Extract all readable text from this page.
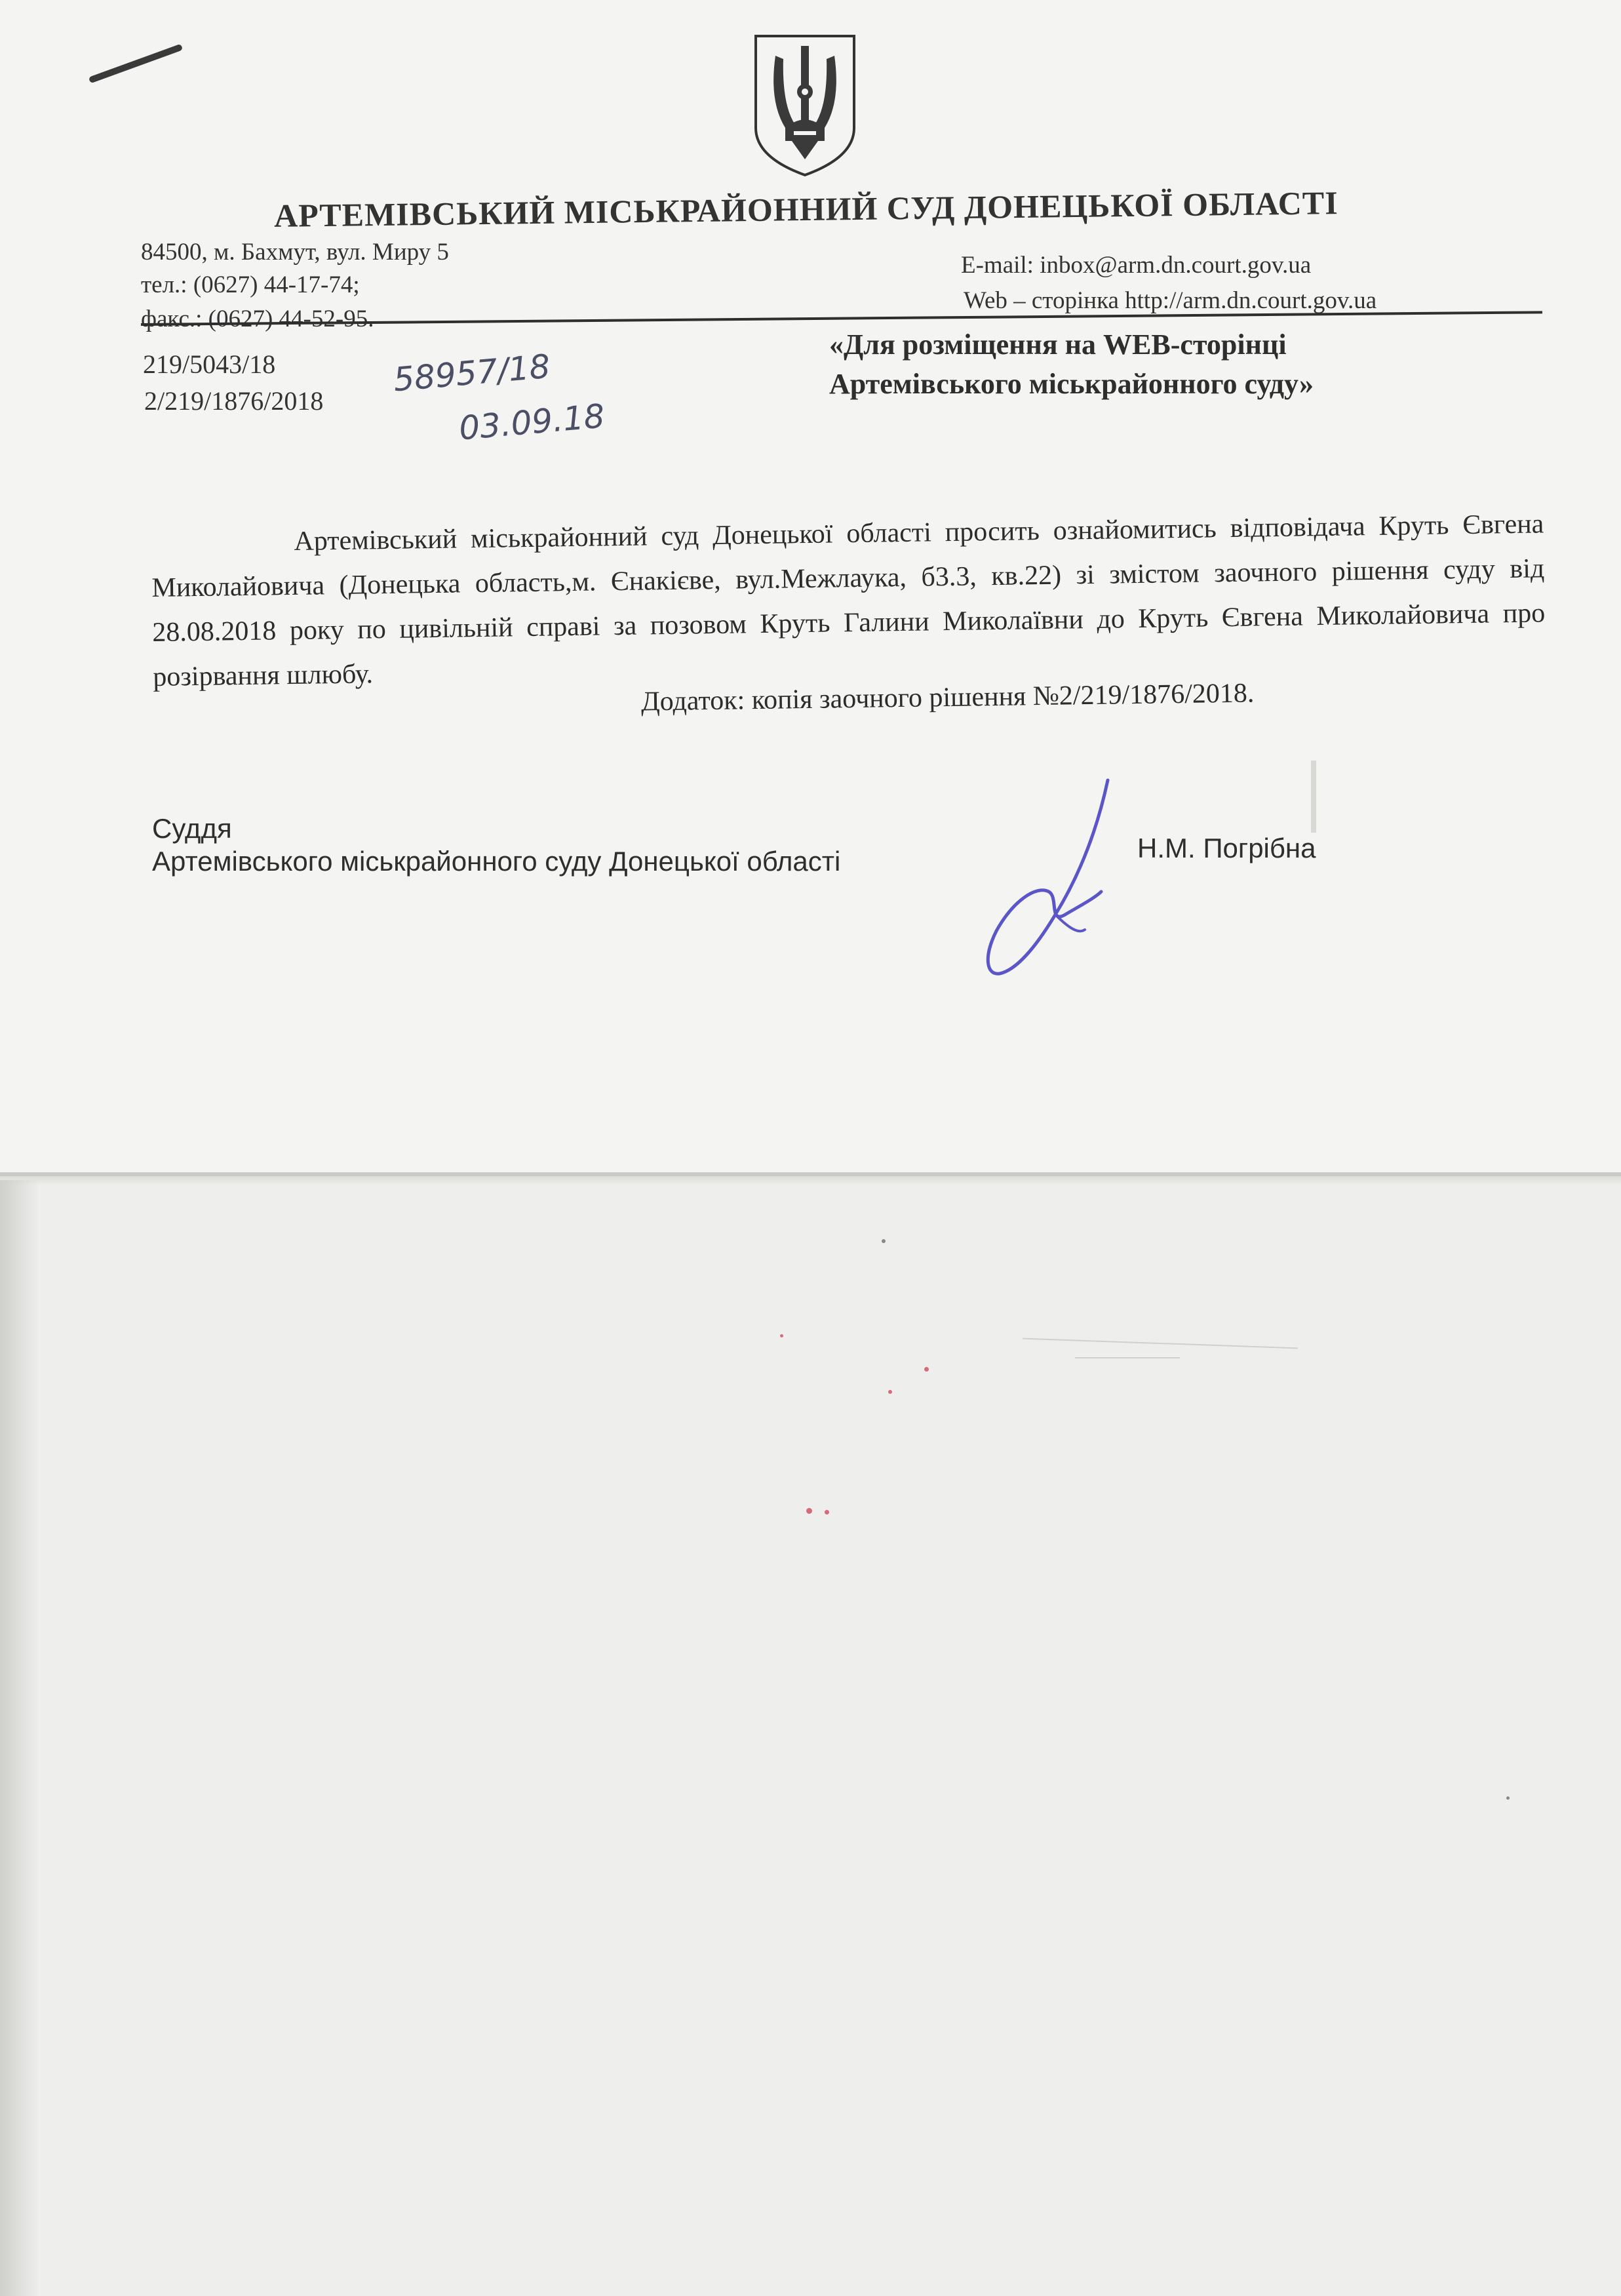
АРТЕМІВСЬКИЙ МІСЬКРАЙОННИЙ СУД ДОНЕЦЬКОЇ ОБЛАСТІ
84500, м. Бахмут, вул. Миру 5
тел.: (0627) 44-17-74;
факс.: (0627) 44-52-95.
E-mail: inbox@arm.dn.court.gov.ua
Web – сторінка http://arm.dn.court.gov.ua
219/5043/18
2/219/1876/2018
58957/18
03.09.18
«Для розміщення на WEB-сторінці
Артемівського міськрайонного суду»

Артемівський міськрайонний суд Донецької області просить ознайомитись відповідача Круть Євгена Миколайовича (Донецька область,м. Єнакієве, вул.Межлаука, б3.3, кв.22) зі змістом заочного рішення суду від 28.08.2018 року по цивільній справі за позовом Круть Галини Миколаївни до Круть Євгена Миколайовича про розірвання шлюбу.

Додаток: копія заочного рішення №2/219/1876/2018.
Суддя
Артемівського міськрайонного суду Донецької області	Н.М. Погрібна
